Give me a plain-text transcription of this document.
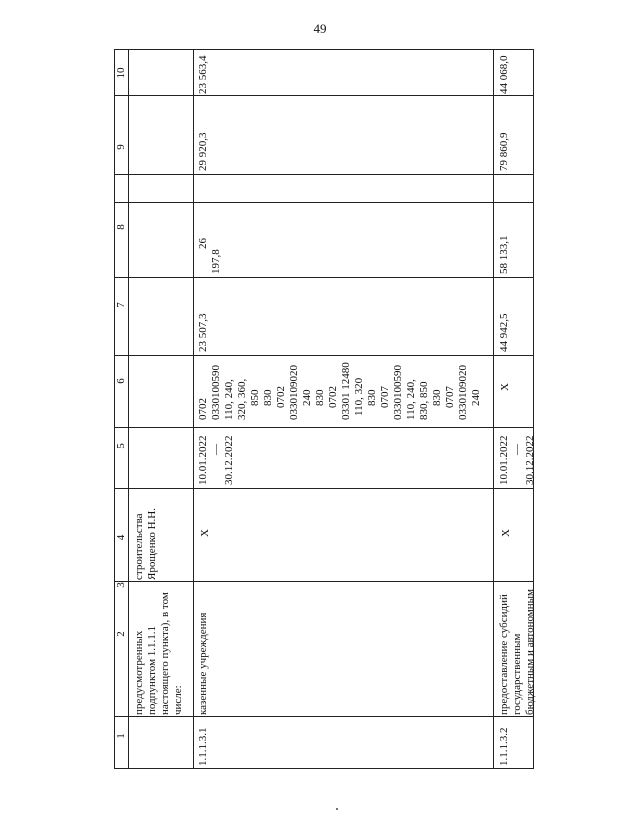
49
1
2
3
4
5
6
7
8
9
10
предусмотренных подпунктом 1.1.1.1 настоящего пункта), в том числе:
строительства Ярощенко Н.Н.
1.1.1.3.1
казенные учреждения
X
10.01.2022 — 30.12.2022
0702 0330100590 110, 240, 320, 360, 850 830 0702 0330109020 240 830 0702 03301 12480 110, 320 830 0707 0330100590 110, 240, 830, 850 830 0707 0330109020 240
23 507,3
26
197,8
29 920,3
23 563,4
1.1.1.3.2
предоставление субсидий государственным бюджетным и автономным
X
10.01.2022 — 30.12.2022
X
44 942,5
58 133,1
79 860,9
44 068,0
